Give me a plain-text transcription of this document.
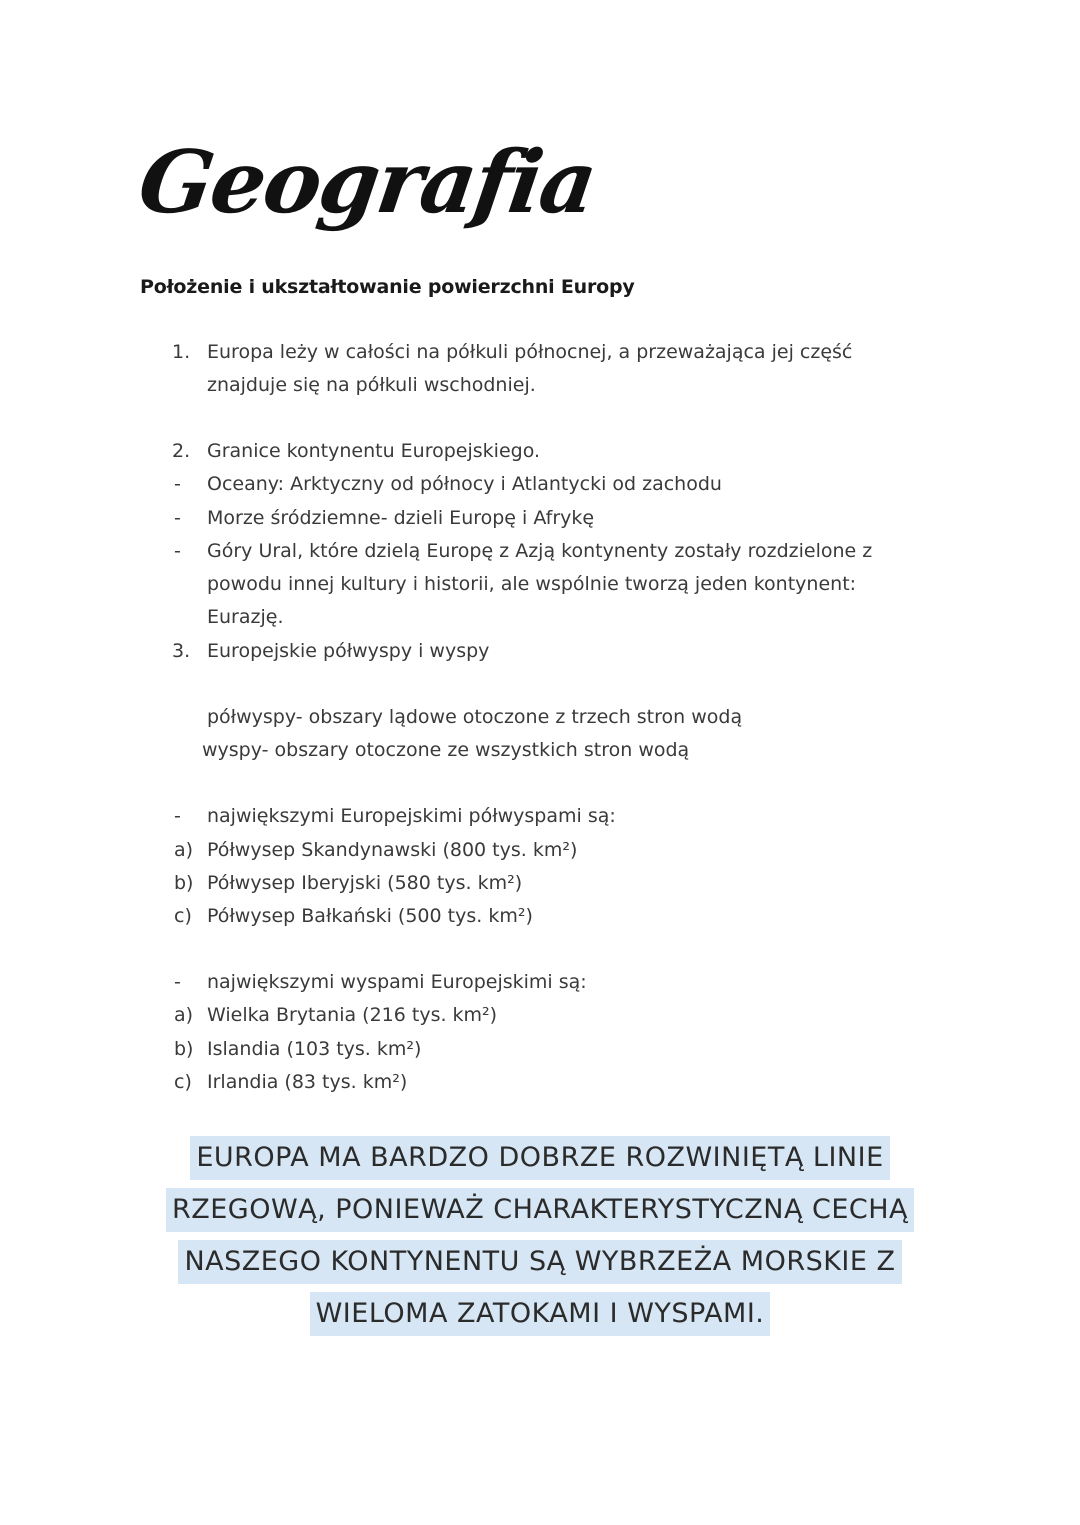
Geografia
Położenie i ukształtowanie powierzchni Europy
1. Europa leży w całości na półkuli północnej, a przeważająca jej część
znajduje się na półkuli wschodniej.
2. Granice kontynentu Europejskiego.
- Oceany: Arktyczny od północy i Atlantycki od zachodu
- Morze śródziemne- dzieli Europę i Afrykę
- Góry Ural, które dzielą Europę z Azją kontynenty zostały rozdzielone z
powodu innej kultury i historii, ale wspólnie tworzą jeden kontynent:
Eurazję.
3. Europejskie półwyspy i wyspy
półwyspy- obszary lądowe otoczone z trzech stron wodą
wyspy- obszary otoczone ze wszystkich stron wodą
- największymi Europejskimi półwyspami są:
a) Półwysep Skandynawski (800 tys. km²)
b) Półwysep Iberyjski (580 tys. km²)
c) Półwysep Bałkański (500 tys. km²)
- największymi wyspami Europejskimi są:
a) Wielka Brytania (216 tys. km²)
b) Islandia (103 tys. km²)
c) Irlandia (83 tys. km²)
EUROPA MA BARDZO DOBRZE ROZWINIĘTĄ LINIE
RZEGOWĄ, PONIEWAŻ CHARAKTERYSTYCZNĄ CECHĄ
NASZEGO KONTYNENTU SĄ WYBRZEŻA MORSKIE Z
WIELOMA ZATOKAMI I WYSPAMI.
